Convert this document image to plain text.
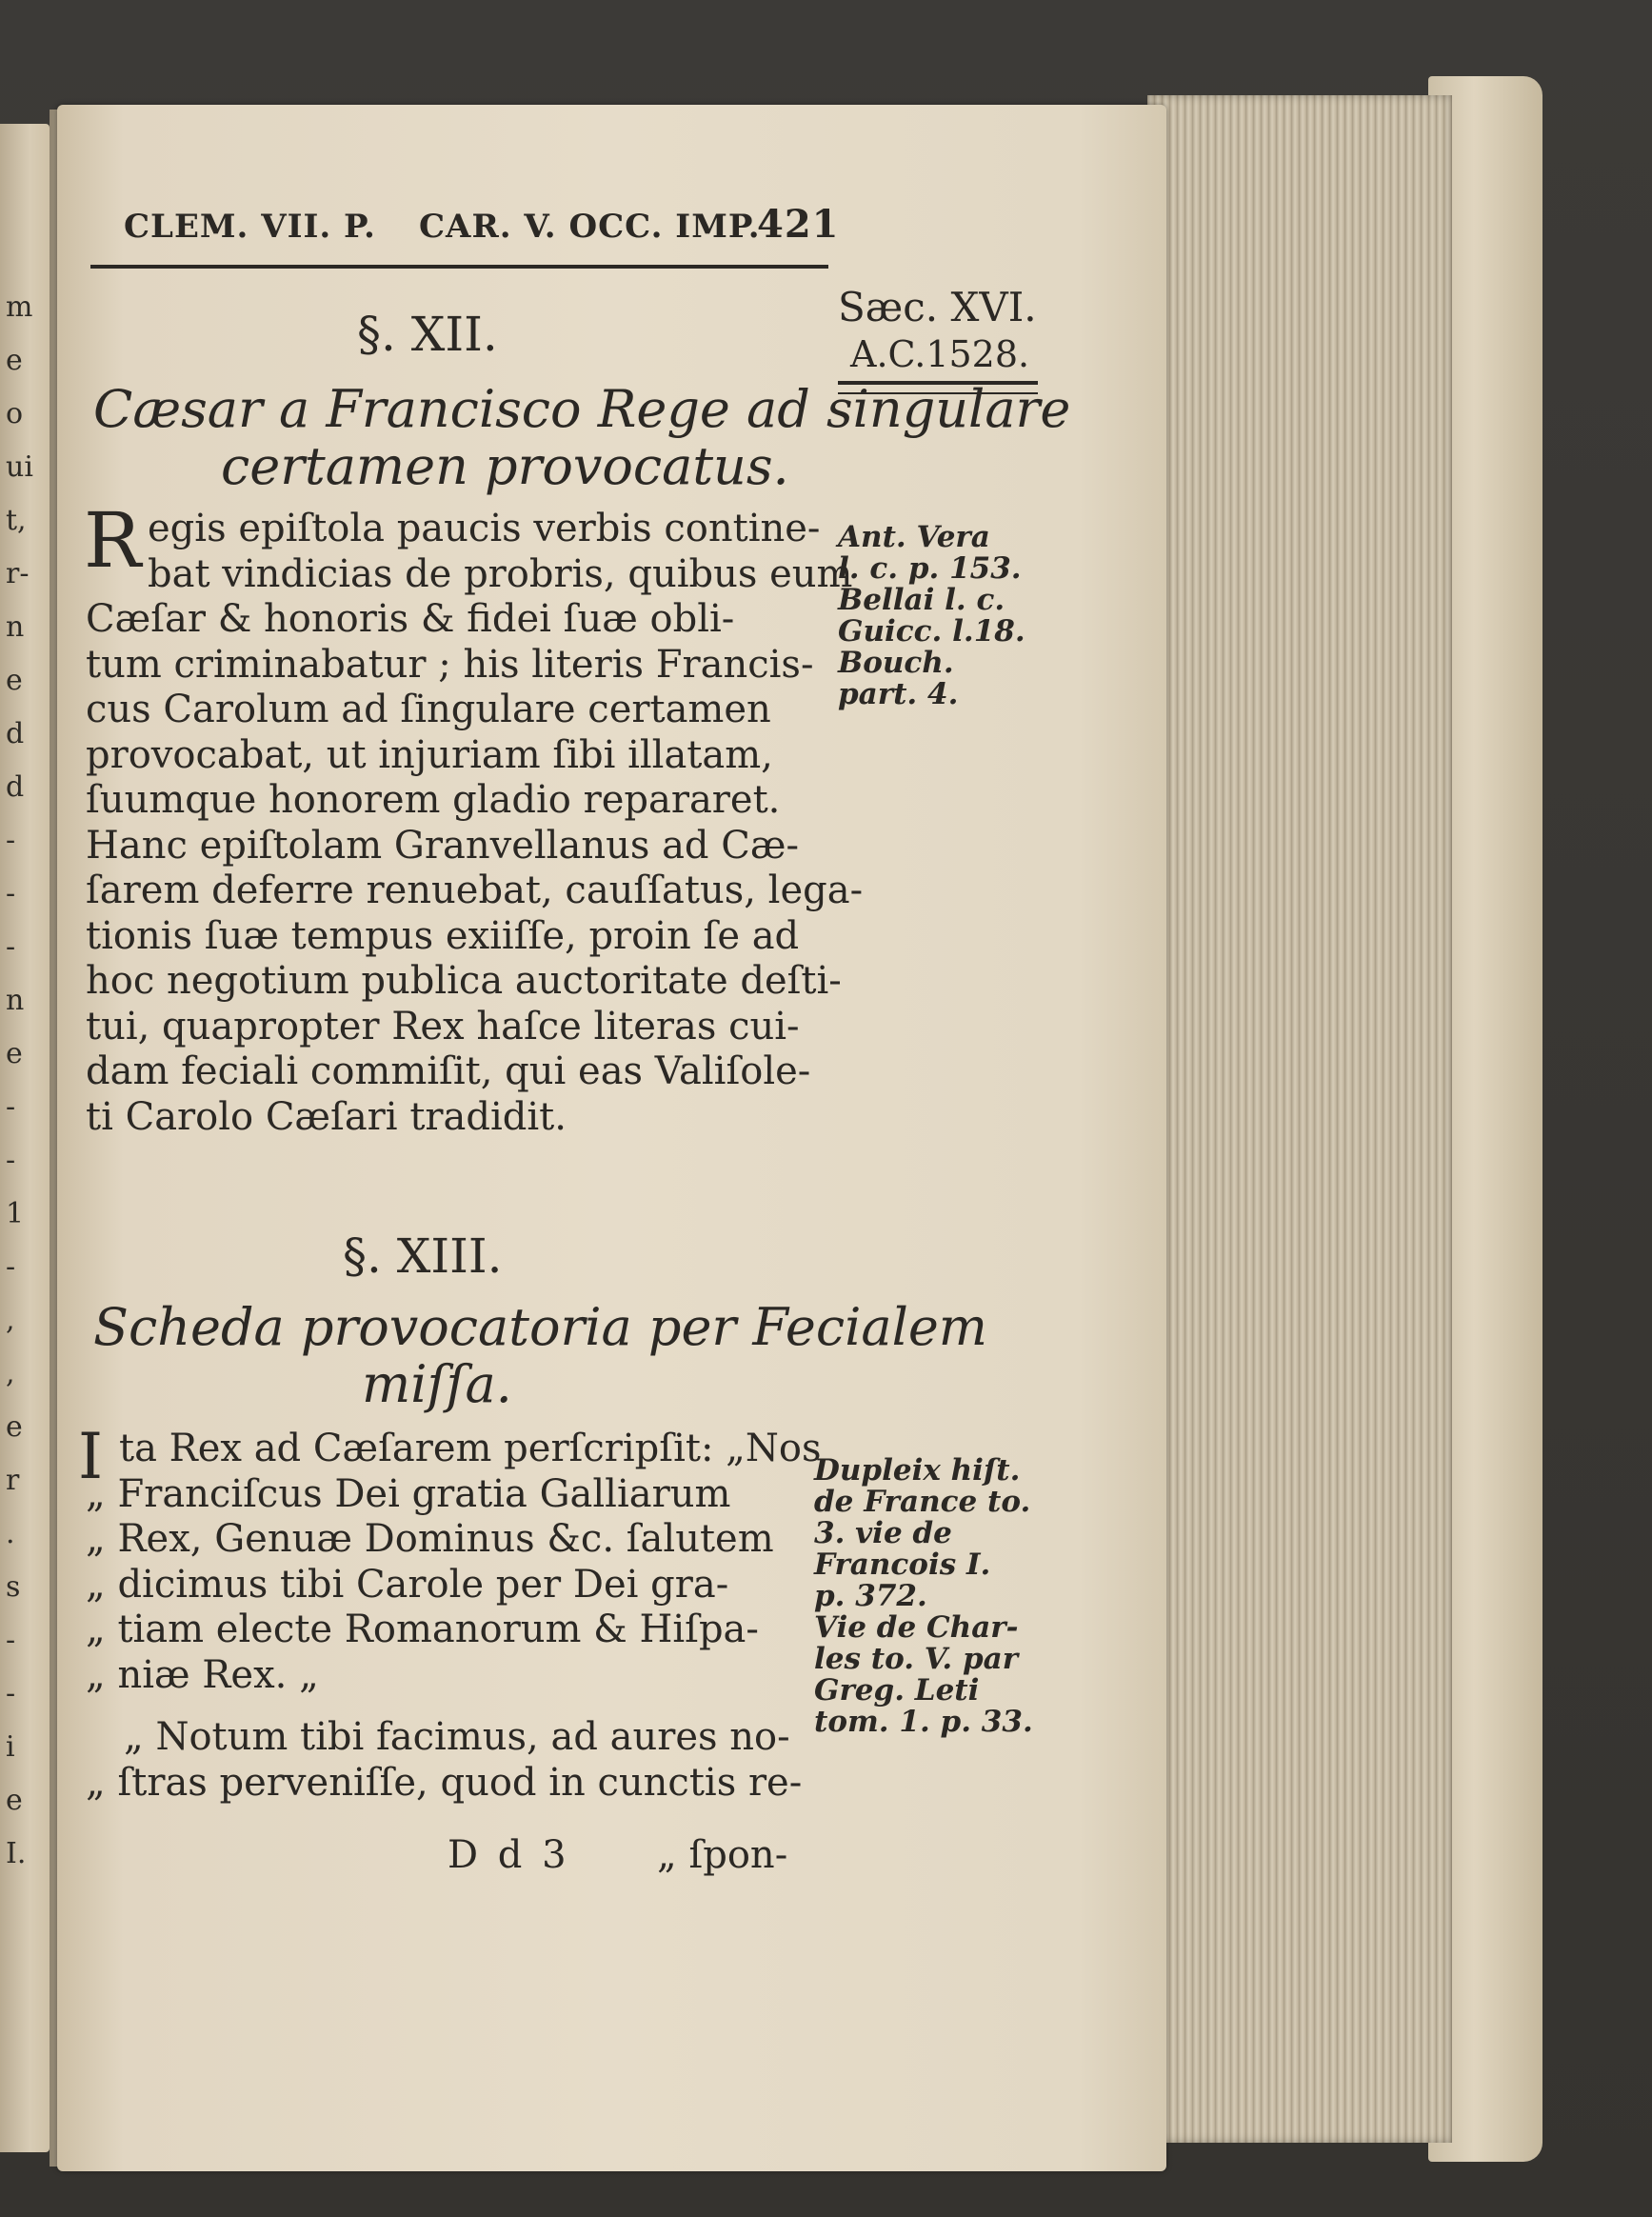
m
e
o
ui
t,
r-
n
e
d
d
-
-
-
n
e
-
-
1
-
,
,
e
r
.
s
-
-
i
e
I.
CLEM. VII. P. CAR. V. OCC. IMP.
421
Sæc. XVI.
A.C.1528.
§. XII.
Cæsar a Francisco Rege ad singulare
certamen provocatus.
R egis epiſtola paucis verbis contine-
bat vindicias de probris, quibus eum
Cæſar & honoris & fidei ſuæ obli-
tum criminabatur ; his literis Francis-
cus Carolum ad ſingulare certamen
provocabat, ut injuriam ſibi illatam,
ſuumque honorem gladio repararet.
Hanc epiſtolam Granvellanus ad Cæ-
ſarem deferre renuebat, cauſſatus, lega-
tionis ſuæ tempus exiiſſe, proin ſe ad
hoc negotium publica auctoritate deſti-
tui, quapropter Rex haſce literas cui-
dam feciali commiſit, qui eas Valiſole-
ti Carolo Cæſari tradidit.
Ant. Vera
l. c. p. 153.
Bellai l. c.
Guicc. l.18.
Bouch.
part. 4.
§. XIII.
Scheda provocatoria per Fecialem
miſſa.
I ta Rex ad Cæſarem perſcripſit: „Nos
„ Franciſcus Dei gratia Galliarum
„ Rex, Genuæ Dominus &c. ſalutem
„ dicimus tibi Carole per Dei gra-
„ tiam electe Romanorum & Hiſpa-
„ niæ Rex. „
„ Notum tibi facimus, ad aures no-
„ ſtras perveniſſe, quod in cunctis re-
Dupleix hiſt.
de France to.
3. vie de
Francois I.
p. 372.
Vie de Char-
les to. V. par
Greg. Leti
tom. 1. p. 33.
D d 3 „ ſpon-
